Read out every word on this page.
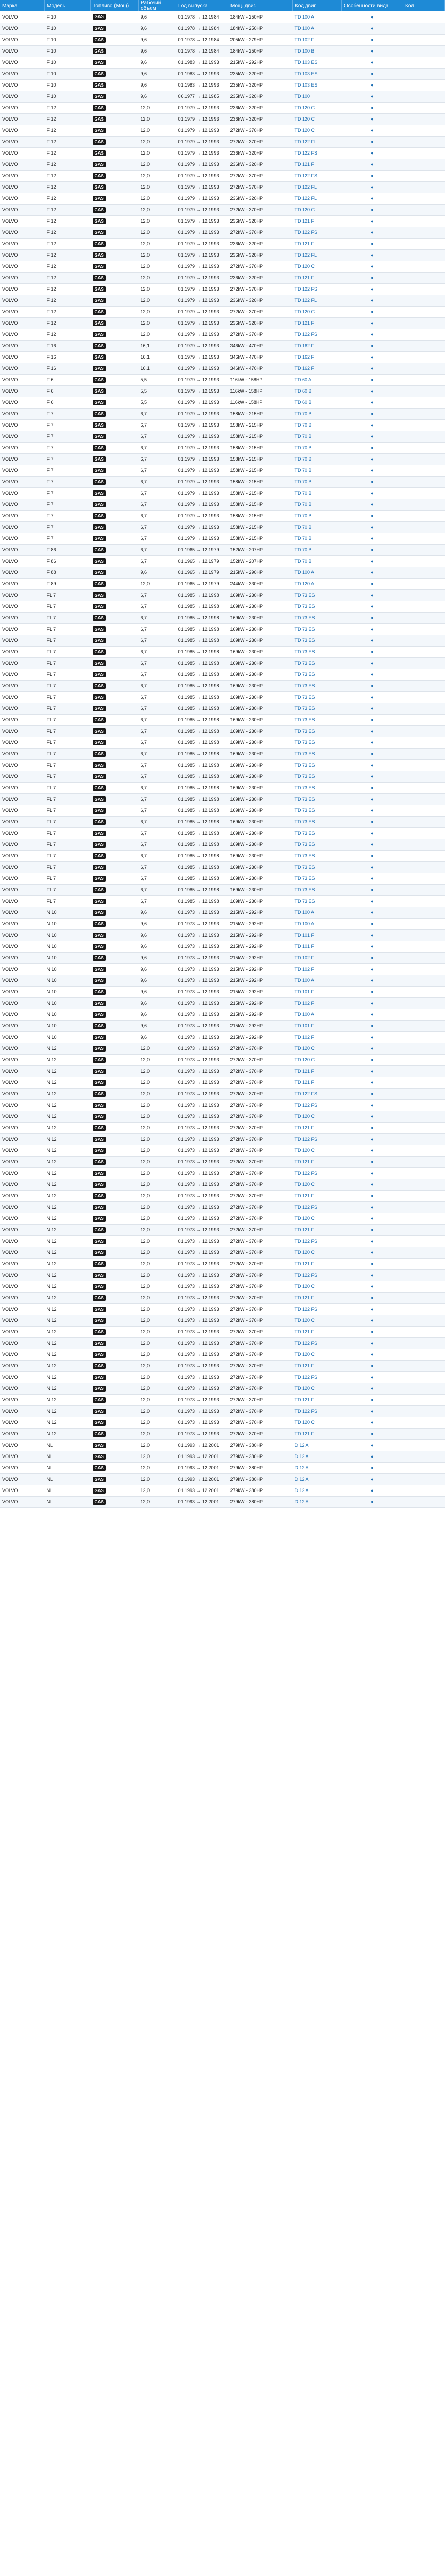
Марка	Модель	Топливо (Мощ)	Рабочий объем	Год выпуска	Мощ. двиг.	Код двиг.	Особенности вида	Кол
VOLVO	F 10	GAS	9,6	01.1978 → 12.1984	184kW - 250HP	TD 100 A	●	
VOLVO	F 10	GAS	9,6	01.1978 → 12.1984	184kW - 250HP	TD 100 A	●	
VOLVO	F 10	GAS	9,6	01.1978 → 12.1984	205kW - 279HP	TD 102 F	●	
VOLVO	F 10	GAS	9,6	01.1978 → 12.1984	184kW - 250HP	TD 100 B	●	
VOLVO	F 10	GAS	9,6	01.1983 → 12.1993	215kW - 292HP	TD 103 ES	●	
VOLVO	F 10	GAS	9,6	01.1983 → 12.1993	235kW - 320HP	TD 103 ES	●	
VOLVO	F 10	GAS	9,6	01.1983 → 12.1993	235kW - 320HP	TD 103 ES	●	
VOLVO	F 10	GAS	9,6	06.1977 → 12.1985	235kW - 320HP	TD 100	●	
VOLVO	F 12	GAS	12,0	01.1979 → 12.1993	236kW - 320HP	TD 120 C	●	
VOLVO	F 12	GAS	12,0	01.1979 → 12.1993	236kW - 320HP	TD 120 C	●	
VOLVO	F 12	GAS	12,0	01.1979 → 12.1993	272kW - 370HP	TD 120 C	●	
VOLVO	F 12	GAS	12,0	01.1979 → 12.1993	272kW - 370HP	TD 122 FL	●	
VOLVO	F 12	GAS	12,0	01.1979 → 12.1993	236kW - 320HP	TD 122 FS	●	
VOLVO	F 12	GAS	12,0	01.1979 → 12.1993	236kW - 320HP	TD 121 F	●	
VOLVO	F 12	GAS	12,0	01.1979 → 12.1993	272kW - 370HP	TD 122 FS	●	
VOLVO	F 12	GAS	12,0	01.1979 → 12.1993	272kW - 370HP	TD 122 FL	●	
VOLVO	F 12	GAS	12,0	01.1979 → 12.1993	236kW - 320HP	TD 122 FL	●	
VOLVO	F 12	GAS	12,0	01.1979 → 12.1993	272kW - 370HP	TD 120 C	●	
VOLVO	F 12	GAS	12,0	01.1979 → 12.1993	236kW - 320HP	TD 121 F	●	
VOLVO	F 12	GAS	12,0	01.1979 → 12.1993	272kW - 370HP	TD 122 FS	●	
VOLVO	F 12	GAS	12,0	01.1979 → 12.1993	236kW - 320HP	TD 121 F	●	
VOLVO	F 12	GAS	12,0	01.1979 → 12.1993	236kW - 320HP	TD 122 FL	●	
VOLVO	F 12	GAS	12,0	01.1979 → 12.1993	272kW - 370HP	TD 120 C	●	
VOLVO	F 12	GAS	12,0	01.1979 → 12.1993	236kW - 320HP	TD 121 F	●	
VOLVO	F 12	GAS	12,0	01.1979 → 12.1993	272kW - 370HP	TD 122 FS	●	
VOLVO	F 12	GAS	12,0	01.1979 → 12.1993	236kW - 320HP	TD 122 FL	●	
VOLVO	F 12	GAS	12,0	01.1979 → 12.1993	272kW - 370HP	TD 120 C	●	
VOLVO	F 12	GAS	12,0	01.1979 → 12.1993	236kW - 320HP	TD 121 F	●	
VOLVO	F 12	GAS	12,0	01.1979 → 12.1993	272kW - 370HP	TD 122 FS	●	
VOLVO	F 16	GAS	16,1	01.1979 → 12.1993	346kW - 470HP	TD 162 F	●	
VOLVO	F 16	GAS	16,1	01.1979 → 12.1993	346kW - 470HP	TD 162 F	●	
VOLVO	F 16	GAS	16,1	01.1979 → 12.1993	346kW - 470HP	TD 162 F	●	
VOLVO	F 6	GAS	5,5	01.1979 → 12.1993	116kW - 158HP	TD 60 A	●	
VOLVO	F 6	GAS	5,5	01.1979 → 12.1993	116kW - 158HP	TD 60 B	●	
VOLVO	F 6	GAS	5,5	01.1979 → 12.1993	116kW - 158HP	TD 60 B	●	
VOLVO	F 7	GAS	6,7	01.1979 → 12.1993	158kW - 215HP	TD 70 B	●	
VOLVO	F 7	GAS	6,7	01.1979 → 12.1993	158kW - 215HP	TD 70 B	●	
VOLVO	F 7	GAS	6,7	01.1979 → 12.1993	158kW - 215HP	TD 70 B	●	
VOLVO	F 7	GAS	6,7	01.1979 → 12.1993	158kW - 215HP	TD 70 B	●	
VOLVO	F 7	GAS	6,7	01.1979 → 12.1993	158kW - 215HP	TD 70 B	●	
VOLVO	F 7	GAS	6,7	01.1979 → 12.1993	158kW - 215HP	TD 70 B	●	
VOLVO	F 7	GAS	6,7	01.1979 → 12.1993	158kW - 215HP	TD 70 B	●	
VOLVO	F 7	GAS	6,7	01.1979 → 12.1993	158kW - 215HP	TD 70 B	●	
VOLVO	F 7	GAS	6,7	01.1979 → 12.1993	158kW - 215HP	TD 70 B	●	
VOLVO	F 7	GAS	6,7	01.1979 → 12.1993	158kW - 215HP	TD 70 B	●	
VOLVO	F 7	GAS	6,7	01.1979 → 12.1993	158kW - 215HP	TD 70 B	●	
VOLVO	F 7	GAS	6,7	01.1979 → 12.1993	158kW - 215HP	TD 70 B	●	
VOLVO	F 86	GAS	6,7	01.1965 → 12.1979	152kW - 207HP	TD 70 B	●	
VOLVO	F 86	GAS	6,7	01.1965 → 12.1979	152kW - 207HP	TD 70 B	●	
VOLVO	F 88	GAS	9,6	01.1965 → 12.1979	215kW - 290HP	TD 100 A	●	
VOLVO	F 89	GAS	12,0	01.1965 → 12.1979	244kW - 330HP	TD 120 A	●	
VOLVO	FL 7	GAS	6,7	01.1985 → 12.1998	169kW - 230HP	TD 73 ES	●	
VOLVO	FL 7	GAS	6,7	01.1985 → 12.1998	169kW - 230HP	TD 73 ES	●	
VOLVO	FL 7	GAS	6,7	01.1985 → 12.1998	169kW - 230HP	TD 73 ES	●	
VOLVO	FL 7	GAS	6,7	01.1985 → 12.1998	169kW - 230HP	TD 73 ES	●	
VOLVO	FL 7	GAS	6,7	01.1985 → 12.1998	169kW - 230HP	TD 73 ES	●	
VOLVO	FL 7	GAS	6,7	01.1985 → 12.1998	169kW - 230HP	TD 73 ES	●	
VOLVO	FL 7	GAS	6,7	01.1985 → 12.1998	169kW - 230HP	TD 73 ES	●	
VOLVO	FL 7	GAS	6,7	01.1985 → 12.1998	169kW - 230HP	TD 73 ES	●	
VOLVO	FL 7	GAS	6,7	01.1985 → 12.1998	169kW - 230HP	TD 73 ES	●	
VOLVO	FL 7	GAS	6,7	01.1985 → 12.1998	169kW - 230HP	TD 73 ES	●	
VOLVO	FL 7	GAS	6,7	01.1985 → 12.1998	169kW - 230HP	TD 73 ES	●	
VOLVO	FL 7	GAS	6,7	01.1985 → 12.1998	169kW - 230HP	TD 73 ES	●	
VOLVO	FL 7	GAS	6,7	01.1985 → 12.1998	169kW - 230HP	TD 73 ES	●	
VOLVO	FL 7	GAS	6,7	01.1985 → 12.1998	169kW - 230HP	TD 73 ES	●	
VOLVO	FL 7	GAS	6,7	01.1985 → 12.1998	169kW - 230HP	TD 73 ES	●	
VOLVO	FL 7	GAS	6,7	01.1985 → 12.1998	169kW - 230HP	TD 73 ES	●	
VOLVO	FL 7	GAS	6,7	01.1985 → 12.1998	169kW - 230HP	TD 73 ES	●	
VOLVO	FL 7	GAS	6,7	01.1985 → 12.1998	169kW - 230HP	TD 73 ES	●	
VOLVO	FL 7	GAS	6,7	01.1985 → 12.1998	169kW - 230HP	TD 73 ES	●	
VOLVO	FL 7	GAS	6,7	01.1985 → 12.1998	169kW - 230HP	TD 73 ES	●	
VOLVO	FL 7	GAS	6,7	01.1985 → 12.1998	169kW - 230HP	TD 73 ES	●	
VOLVO	FL 7	GAS	6,7	01.1985 → 12.1998	169kW - 230HP	TD 73 ES	●	
VOLVO	FL 7	GAS	6,7	01.1985 → 12.1998	169kW - 230HP	TD 73 ES	●	
VOLVO	FL 7	GAS	6,7	01.1985 → 12.1998	169kW - 230HP	TD 73 ES	●	
VOLVO	FL 7	GAS	6,7	01.1985 → 12.1998	169kW - 230HP	TD 73 ES	●	
VOLVO	FL 7	GAS	6,7	01.1985 → 12.1998	169kW - 230HP	TD 73 ES	●	
VOLVO	FL 7	GAS	6,7	01.1985 → 12.1998	169kW - 230HP	TD 73 ES	●	
VOLVO	FL 7	GAS	6,7	01.1985 → 12.1998	169kW - 230HP	TD 73 ES	●	
VOLVO	N 10	GAS	9,6	01.1973 → 12.1993	215kW - 292HP	TD 100 A	●	
VOLVO	N 10	GAS	9,6	01.1973 → 12.1993	215kW - 292HP	TD 100 A	●	
VOLVO	N 10	GAS	9,6	01.1973 → 12.1993	215kW - 292HP	TD 101 F	●	
VOLVO	N 10	GAS	9,6	01.1973 → 12.1993	215kW - 292HP	TD 101 F	●	
VOLVO	N 10	GAS	9,6	01.1973 → 12.1993	215kW - 292HP	TD 102 F	●	
VOLVO	N 10	GAS	9,6	01.1973 → 12.1993	215kW - 292HP	TD 102 F	●	
VOLVO	N 10	GAS	9,6	01.1973 → 12.1993	215kW - 292HP	TD 100 A	●	
VOLVO	N 10	GAS	9,6	01.1973 → 12.1993	215kW - 292HP	TD 101 F	●	
VOLVO	N 10	GAS	9,6	01.1973 → 12.1993	215kW - 292HP	TD 102 F	●	
VOLVO	N 10	GAS	9,6	01.1973 → 12.1993	215kW - 292HP	TD 100 A	●	
VOLVO	N 10	GAS	9,6	01.1973 → 12.1993	215kW - 292HP	TD 101 F	●	
VOLVO	N 10	GAS	9,6	01.1973 → 12.1993	215kW - 292HP	TD 102 F	●	
VOLVO	N 12	GAS	12,0	01.1973 → 12.1993	272kW - 370HP	TD 120 C	●	
VOLVO	N 12	GAS	12,0	01.1973 → 12.1993	272kW - 370HP	TD 120 C	●	
VOLVO	N 12	GAS	12,0	01.1973 → 12.1993	272kW - 370HP	TD 121 F	●	
VOLVO	N 12	GAS	12,0	01.1973 → 12.1993	272kW - 370HP	TD 121 F	●	
VOLVO	N 12	GAS	12,0	01.1973 → 12.1993	272kW - 370HP	TD 122 FS	●	
VOLVO	N 12	GAS	12,0	01.1973 → 12.1993	272kW - 370HP	TD 122 FS	●	
VOLVO	N 12	GAS	12,0	01.1973 → 12.1993	272kW - 370HP	TD 120 C	●	
VOLVO	N 12	GAS	12,0	01.1973 → 12.1993	272kW - 370HP	TD 121 F	●	
VOLVO	N 12	GAS	12,0	01.1973 → 12.1993	272kW - 370HP	TD 122 FS	●	
VOLVO	N 12	GAS	12,0	01.1973 → 12.1993	272kW - 370HP	TD 120 C	●	
VOLVO	N 12	GAS	12,0	01.1973 → 12.1993	272kW - 370HP	TD 121 F	●	
VOLVO	N 12	GAS	12,0	01.1973 → 12.1993	272kW - 370HP	TD 122 FS	●	
VOLVO	N 12	GAS	12,0	01.1973 → 12.1993	272kW - 370HP	TD 120 C	●	
VOLVO	N 12	GAS	12,0	01.1973 → 12.1993	272kW - 370HP	TD 121 F	●	
VOLVO	N 12	GAS	12,0	01.1973 → 12.1993	272kW - 370HP	TD 122 FS	●	
VOLVO	N 12	GAS	12,0	01.1973 → 12.1993	272kW - 370HP	TD 120 C	●	
VOLVO	N 12	GAS	12,0	01.1973 → 12.1993	272kW - 370HP	TD 121 F	●	
VOLVO	N 12	GAS	12,0	01.1973 → 12.1993	272kW - 370HP	TD 122 FS	●	
VOLVO	N 12	GAS	12,0	01.1973 → 12.1993	272kW - 370HP	TD 120 C	●	
VOLVO	N 12	GAS	12,0	01.1973 → 12.1993	272kW - 370HP	TD 121 F	●	
VOLVO	N 12	GAS	12,0	01.1973 → 12.1993	272kW - 370HP	TD 122 FS	●	
VOLVO	N 12	GAS	12,0	01.1973 → 12.1993	272kW - 370HP	TD 120 C	●	
VOLVO	N 12	GAS	12,0	01.1973 → 12.1993	272kW - 370HP	TD 121 F	●	
VOLVO	N 12	GAS	12,0	01.1973 → 12.1993	272kW - 370HP	TD 122 FS	●	
VOLVO	N 12	GAS	12,0	01.1973 → 12.1993	272kW - 370HP	TD 120 C	●	
VOLVO	N 12	GAS	12,0	01.1973 → 12.1993	272kW - 370HP	TD 121 F	●	
VOLVO	N 12	GAS	12,0	01.1973 → 12.1993	272kW - 370HP	TD 122 FS	●	
VOLVO	N 12	GAS	12,0	01.1973 → 12.1993	272kW - 370HP	TD 120 C	●	
VOLVO	N 12	GAS	12,0	01.1973 → 12.1993	272kW - 370HP	TD 121 F	●	
VOLVO	N 12	GAS	12,0	01.1973 → 12.1993	272kW - 370HP	TD 122 FS	●	
VOLVO	N 12	GAS	12,0	01.1973 → 12.1993	272kW - 370HP	TD 120 C	●	
VOLVO	N 12	GAS	12,0	01.1973 → 12.1993	272kW - 370HP	TD 121 F	●	
VOLVO	N 12	GAS	12,0	01.1973 → 12.1993	272kW - 370HP	TD 122 FS	●	
VOLVO	N 12	GAS	12,0	01.1973 → 12.1993	272kW - 370HP	TD 120 C	●	
VOLVO	N 12	GAS	12,0	01.1973 → 12.1993	272kW - 370HP	TD 121 F	●	
VOLVO	NL	GAS	12,0	01.1993 → 12.2001	279kW - 380HP	D 12 A	●	
VOLVO	NL	GAS	12,0	01.1993 → 12.2001	279kW - 380HP	D 12 A	●	
VOLVO	NL	GAS	12,0	01.1993 → 12.2001	279kW - 380HP	D 12 A	●	
VOLVO	NL	GAS	12,0	01.1993 → 12.2001	279kW - 380HP	D 12 A	●	
VOLVO	NL	GAS	12,0	01.1993 → 12.2001	279kW - 380HP	D 12 A	●	
VOLVO	NL	GAS	12,0	01.1993 → 12.2001	279kW - 380HP	D 12 A	●	
